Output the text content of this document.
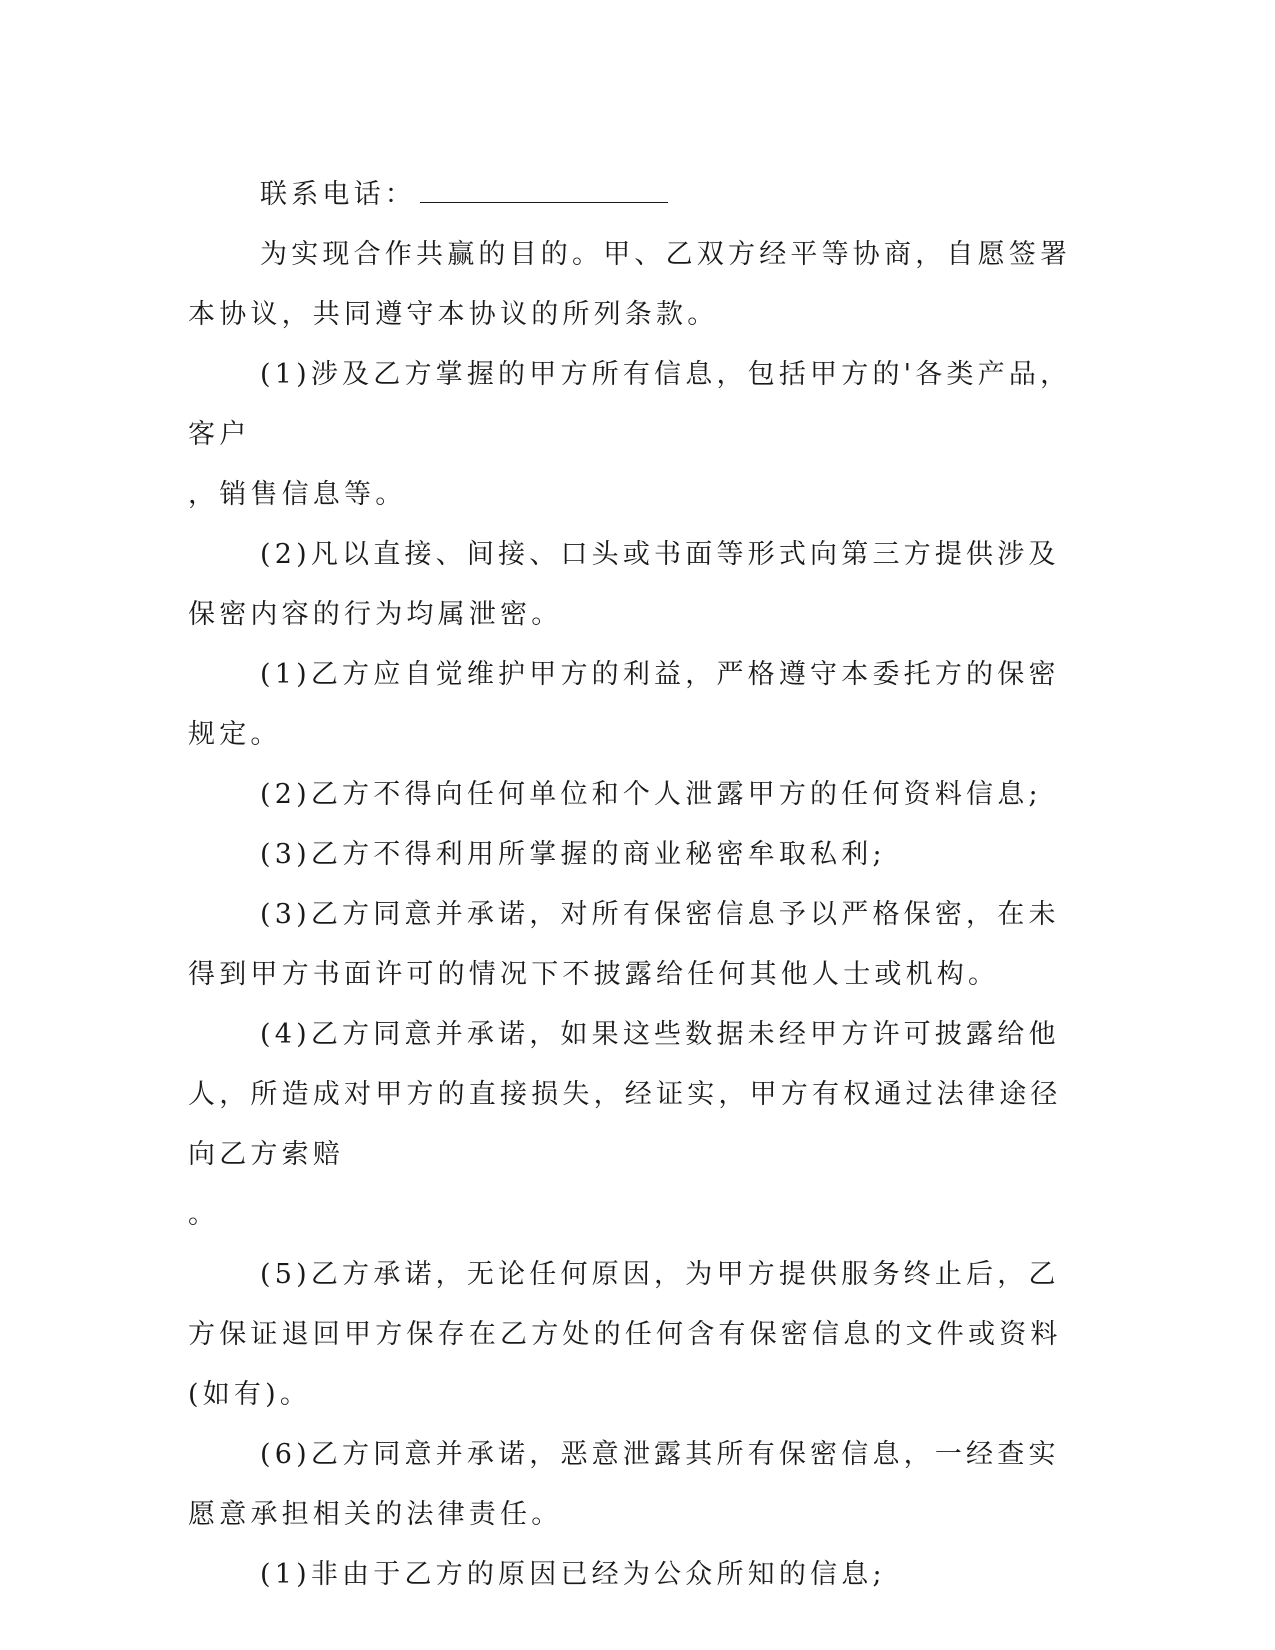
联系电话：

为实现合作共赢的目的。甲、乙双方经平等协商，自愿签署本协议，共同遵守本协议的所列条款。

(1)涉及乙方掌握的甲方所有信息，包括甲方的'各类产品，客户
，销售信息等。

(2)凡以直接、间接、口头或书面等形式向第三方提供涉及保密内容的行为均属泄密。

(1)乙方应自觉维护甲方的利益，严格遵守本委托方的保密规定。

(2)乙方不得向任何单位和个人泄露甲方的任何资料信息;

(3)乙方不得利用所掌握的商业秘密牟取私利;

(3)乙方同意并承诺，对所有保密信息予以严格保密，在未得到甲方书面许可的情况下不披露给任何其他人士或机构。

(4)乙方同意并承诺，如果这些数据未经甲方许可披露给他人，所造成对甲方的直接损失，经证实，甲方有权通过法律途径向乙方索赔
。

(5)乙方承诺，无论任何原因，为甲方提供服务终止后，乙方保证退回甲方保存在乙方处的任何含有保密信息的文件或资料(如有)。

(6)乙方同意并承诺，恶意泄露其所有保密信息，一经查实愿意承担相关的法律责任。

(1)非由于乙方的原因已经为公众所知的信息;
